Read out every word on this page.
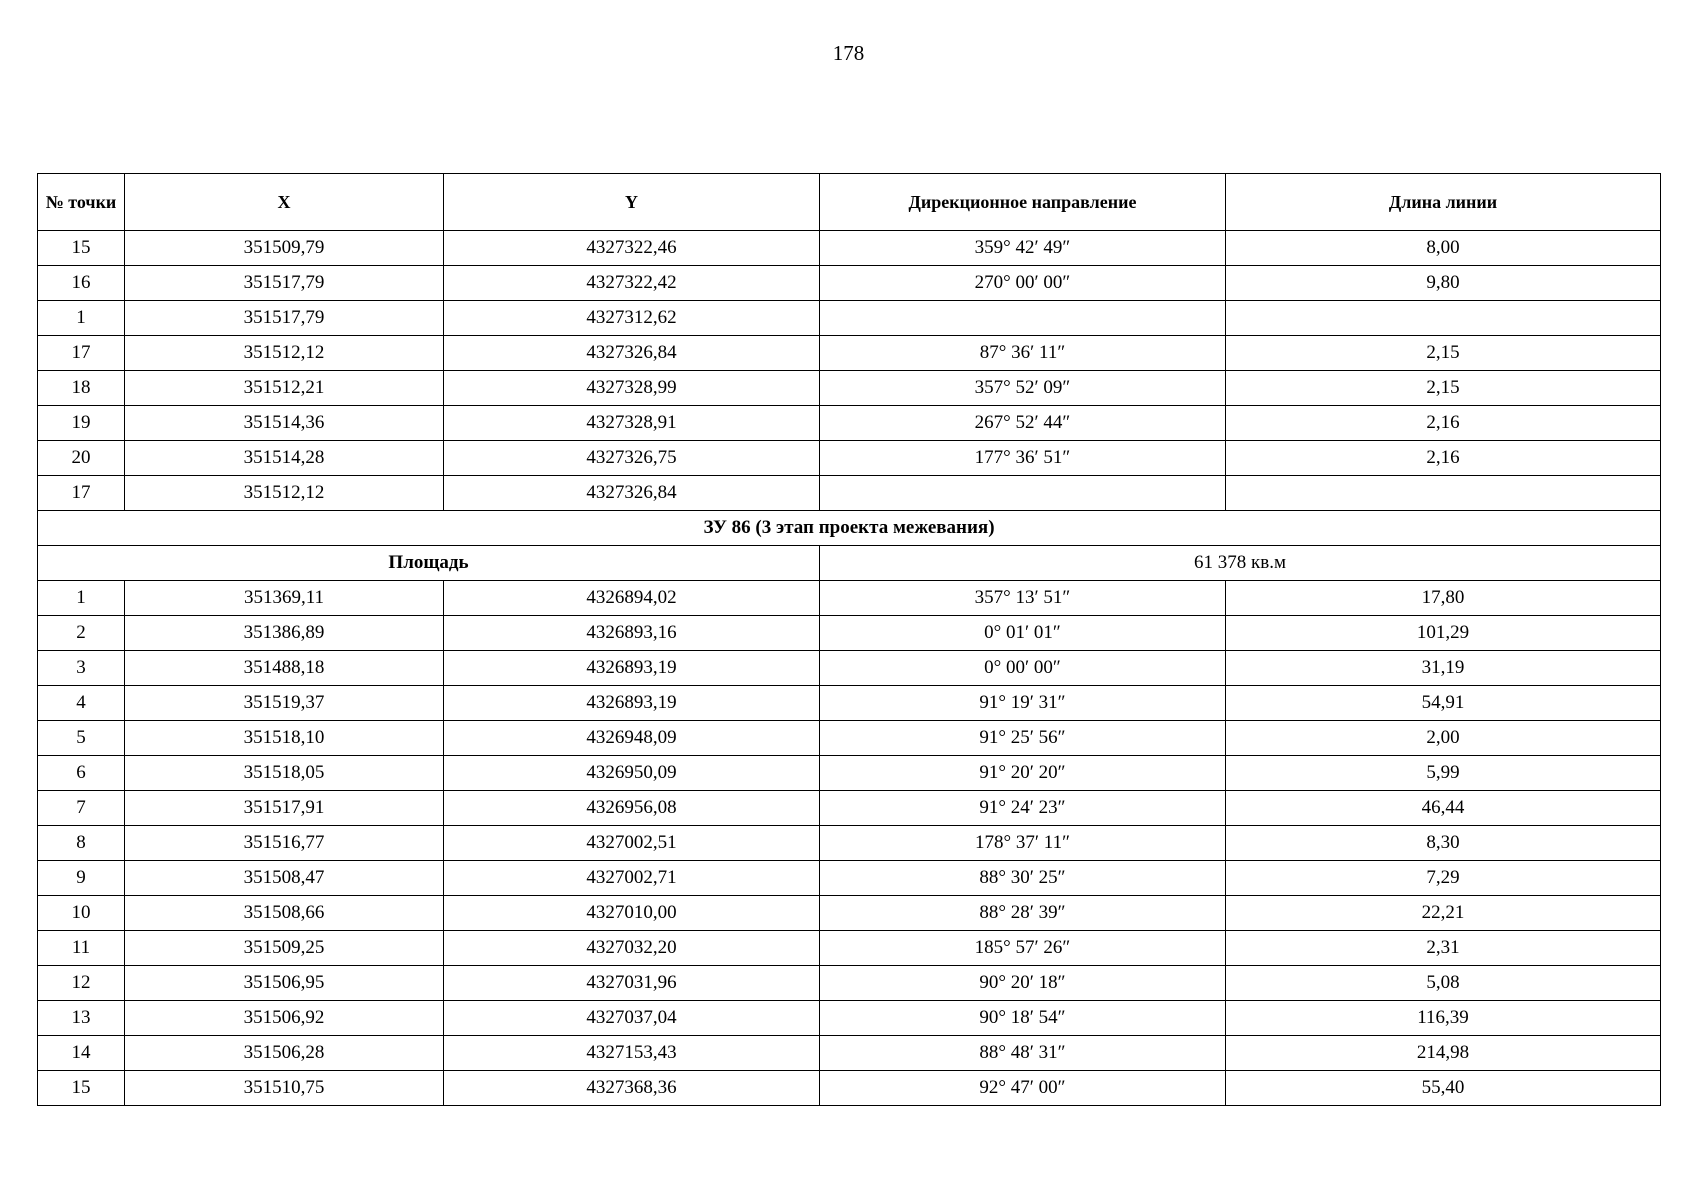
178
№ точки	X	Y	Дирекционное направление	Длина линии
15	351509,79	4327322,46	359° 42′ 49″	8,00
16	351517,79	4327322,42	270° 00′ 00″	9,80
1	351517,79	4327312,62		
17	351512,12	4327326,84	87° 36′ 11″	2,15
18	351512,21	4327328,99	357° 52′ 09″	2,15
19	351514,36	4327328,91	267° 52′ 44″	2,16
20	351514,28	4327326,75	177° 36′ 51″	2,16
17	351512,12	4327326,84		
ЗУ 86 (3 этап проекта межевания)				
Площадь			61 378 кв.м	
1	351369,11	4326894,02	357° 13′ 51″	17,80
2	351386,89	4326893,16	0° 01′ 01″	101,29
3	351488,18	4326893,19	0° 00′ 00″	31,19
4	351519,37	4326893,19	91° 19′ 31″	54,91
5	351518,10	4326948,09	91° 25′ 56″	2,00
6	351518,05	4326950,09	91° 20′ 20″	5,99
7	351517,91	4326956,08	91° 24′ 23″	46,44
8	351516,77	4327002,51	178° 37′ 11″	8,30
9	351508,47	4327002,71	88° 30′ 25″	7,29
10	351508,66	4327010,00	88° 28′ 39″	22,21
11	351509,25	4327032,20	185° 57′ 26″	2,31
12	351506,95	4327031,96	90° 20′ 18″	5,08
13	351506,92	4327037,04	90° 18′ 54″	116,39
14	351506,28	4327153,43	88° 48′ 31″	214,98
15	351510,75	4327368,36	92° 47′ 00″	55,40
